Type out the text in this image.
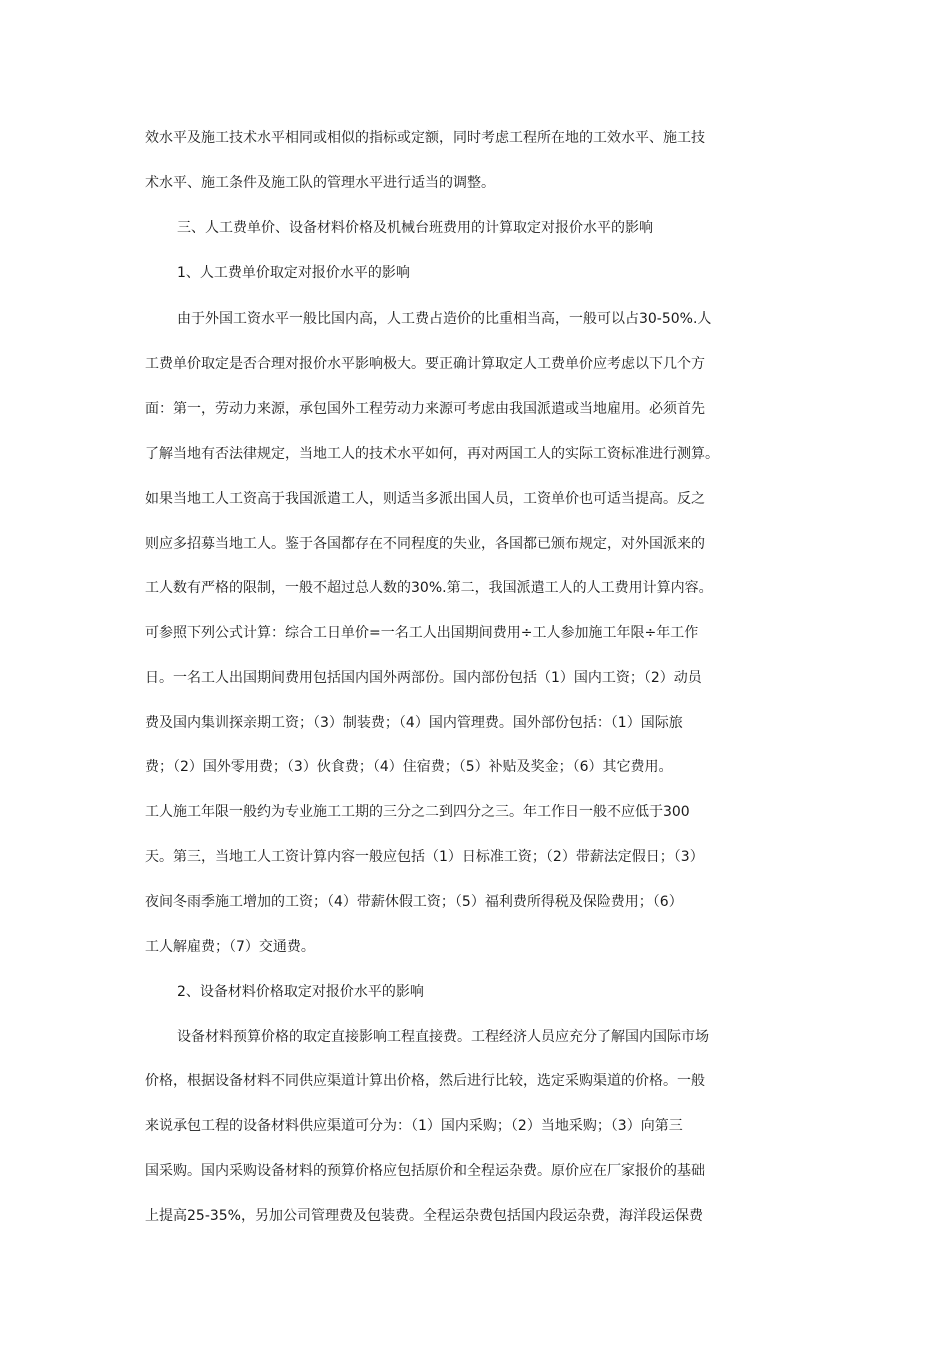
效水平及施工技术水平相同或相似的指标或定额，同时考虑工程所在地的工效水平、施工技
术水平、施工条件及施工队的管理水平进行适当的调整。
三、人工费单价、设备材料价格及机械台班费用的计算取定对报价水平的影响
1、人工费单价取定对报价水平的影响
由于外国工资水平一般比国内高，人工费占造价的比重相当高，一般可以占30-50%.人
工费单价取定是否合理对报价水平影响极大。要正确计算取定人工费单价应考虑以下几个方
面：第一，劳动力来源，承包国外工程劳动力来源可考虑由我国派遣或当地雇用。必须首先
了解当地有否法律规定，当地工人的技术水平如何，再对两国工人的实际工资标准进行测算。
如果当地工人工资高于我国派遣工人，则适当多派出国人员，工资单价也可适当提高。反之
则应多招募当地工人。鉴于各国都存在不同程度的失业，各国都已颁布规定，对外国派来的
工人数有严格的限制，一般不超过总人数的30%.第二，我国派遣工人的人工费用计算内容。
可参照下列公式计算：综合工日单价=一名工人出国期间费用÷工人参加施工年限÷年工作
日。一名工人出国期间费用包括国内国外两部份。国内部份包括（1）国内工资；（2）动员
费及国内集训探亲期工资；（3）制装费；（4）国内管理费。国外部份包括：（1）国际旅
费；（2）国外零用费；（3）伙食费；（4）住宿费；（5）补贴及奖金；（6）其它费用。
工人施工年限一般约为专业施工工期的三分之二到四分之三。年工作日一般不应低于300
天。第三，当地工人工资计算内容一般应包括（1）日标准工资；（2）带薪法定假日；（3）
夜间冬雨季施工增加的工资；（4）带薪休假工资；（5）福利费所得税及保险费用；（6）
工人解雇费；（7）交通费。
2、设备材料价格取定对报价水平的影响
设备材料预算价格的取定直接影响工程直接费。工程经济人员应充分了解国内国际市场
价格，根据设备材料不同供应渠道计算出价格，然后进行比较，选定采购渠道的价格。一般
来说承包工程的设备材料供应渠道可分为：（1）国内采购；（2）当地采购；（3）向第三
国采购。国内采购设备材料的预算价格应包括原价和全程运杂费。原价应在厂家报价的基础
上提高25-35%，另加公司管理费及包装费。全程运杂费包括国内段运杂费，海洋段运保费
